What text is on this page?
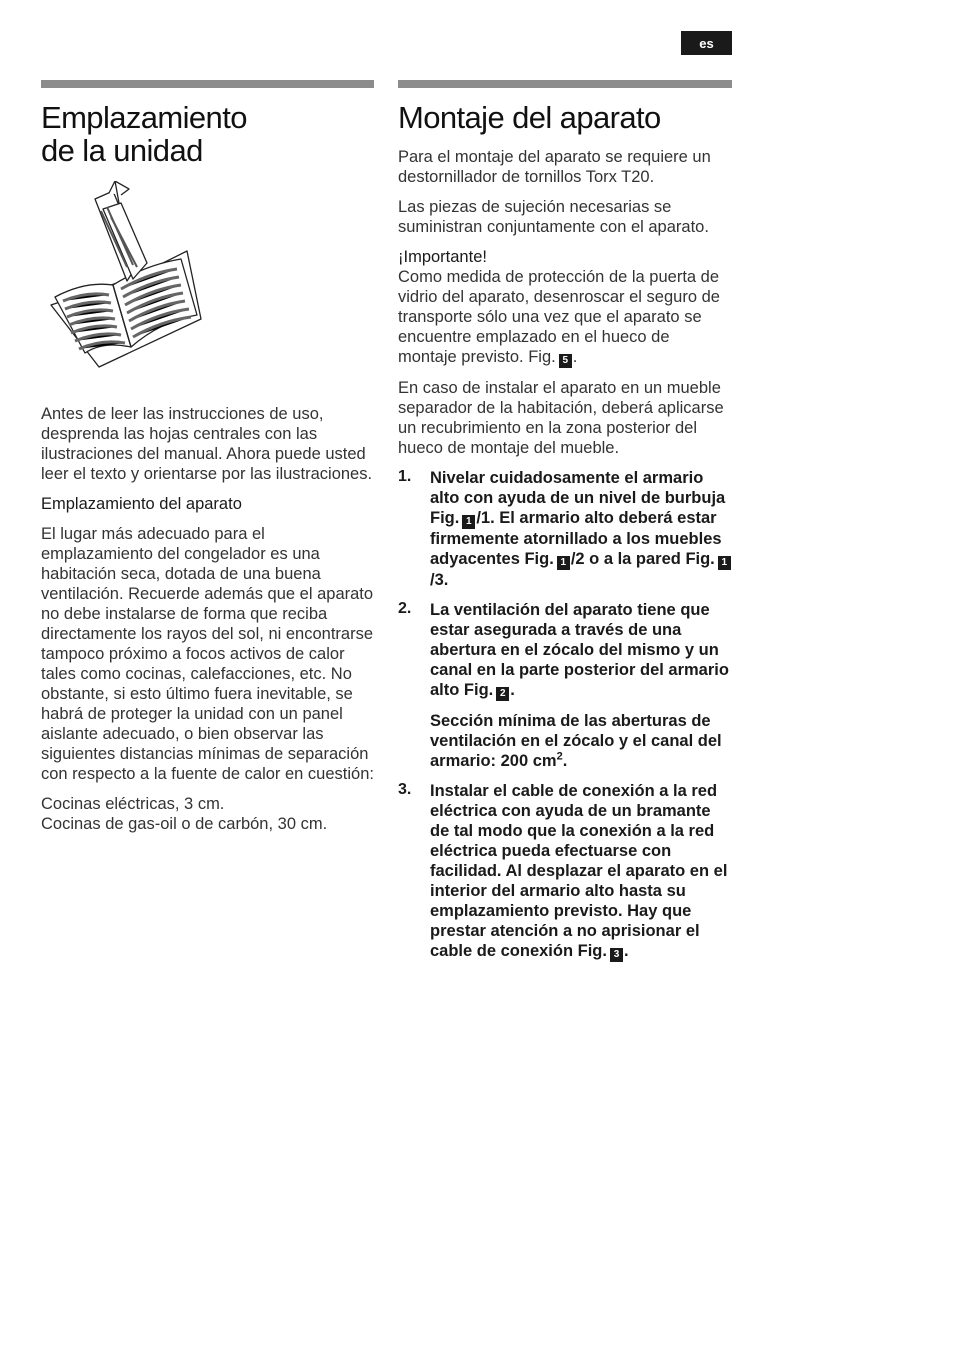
es
Emplazamiento
de la unidad

Antes de leer las instrucciones de uso, desprenda las hojas centrales con las ilustraciones del manual. Ahora puede usted leer el texto y orientarse por las ilustraciones.

Emplazamiento del aparato

El lugar más adecuado para el emplazamiento del congelador es una habitación seca, dotada de una buena ventilación. Recuerde además que el aparato no debe instalarse de forma que reciba directamente los rayos del sol, ni encontrarse tampoco próximo a focos activos de calor tales como cocinas, calefacciones, etc. No obstante, si esto último fuera inevitable, se habrá de proteger la unidad con un panel aislante adecuado, o bien observar las siguientes distancias mínimas de separación con respecto a la fuente de calor en cuestión:

Cocinas eléctricas, 3 cm.
Cocinas de gas-oil o de carbón, 30 cm.

Montaje del aparato

Para el montaje del aparato se requiere un destornillador de tornillos Torx T20.

Las piezas de sujeción necesarias se suministran conjuntamente con el aparato.

¡Importante!
Como medida de protección de la puerta de vidrio del aparato, desenroscar el seguro de transporte sólo una vez que el aparato se encuentre emplazado en el hueco de montaje previsto. Fig. 5 .

En caso de instalar el aparato en un mueble separador de la habitación, deberá aplicarse un recubrimiento en la zona posterior del hueco de montaje del mueble.

1. Nivelar cuidadosamente el armario alto con ayuda de un nivel de burbuja Fig. 1 /1. El armario alto deberá estar firmemente atornillado a los muebles adyacentes Fig. 1 /2 o a la pared Fig. 1/3.

2. La ventilación del aparato tiene que estar asegurada a través de una abertura en el zócalo del mismo y un canal en la parte posterior del armario alto Fig. 2 .

Sección mínima de las aberturas de ventilación en el zócalo y el canal del armario: 200 $cm^2$.

3. Instalar el cable de conexión a la red eléctrica con ayuda de un bramante de tal modo que la conexión a la red eléctrica pueda efectuarse con facilidad. Al desplazar el aparato en el interior del armario alto hasta su emplazamiento previsto. Hay que prestar atención a no aprisionar el cable de conexión Fig. 3 .
